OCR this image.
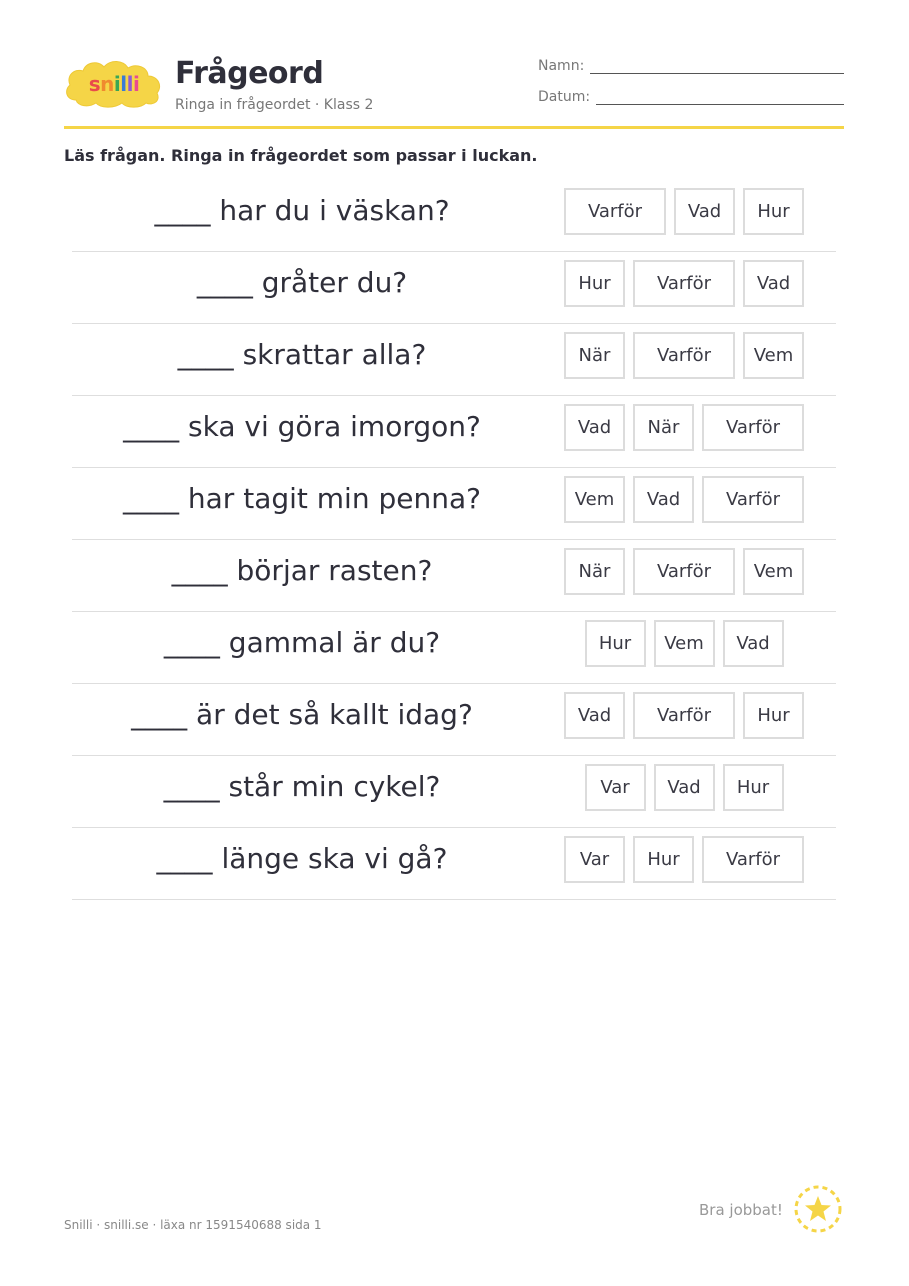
snilli Frågeord
Ringa in frågeordet · Klass 2
Namn:
Datum:
Läs frågan. Ringa in frågeordet som passar i luckan.
____ har du i väskan?	Varför	Vad	Hur
____ gråter du?	Hur	Varför	Vad
____ skrattar alla?	När	Varför	Vem
____ ska vi göra imorgon?	Vad	När	Varför
____ har tagit min penna?	Vem	Vad	Varför
____ börjar rasten?	När	Varför	Vem
____ gammal är du?	Hur	Vem	Vad
____ är det så kallt idag?	Vad	Varför	Hur
____ står min cykel?	Var	Vad	Hur
____ länge ska vi gå?	Var	Hur	Varför
Snilli · snilli.se · läxa nr 1591540688 sida 1
Bra jobbat!
